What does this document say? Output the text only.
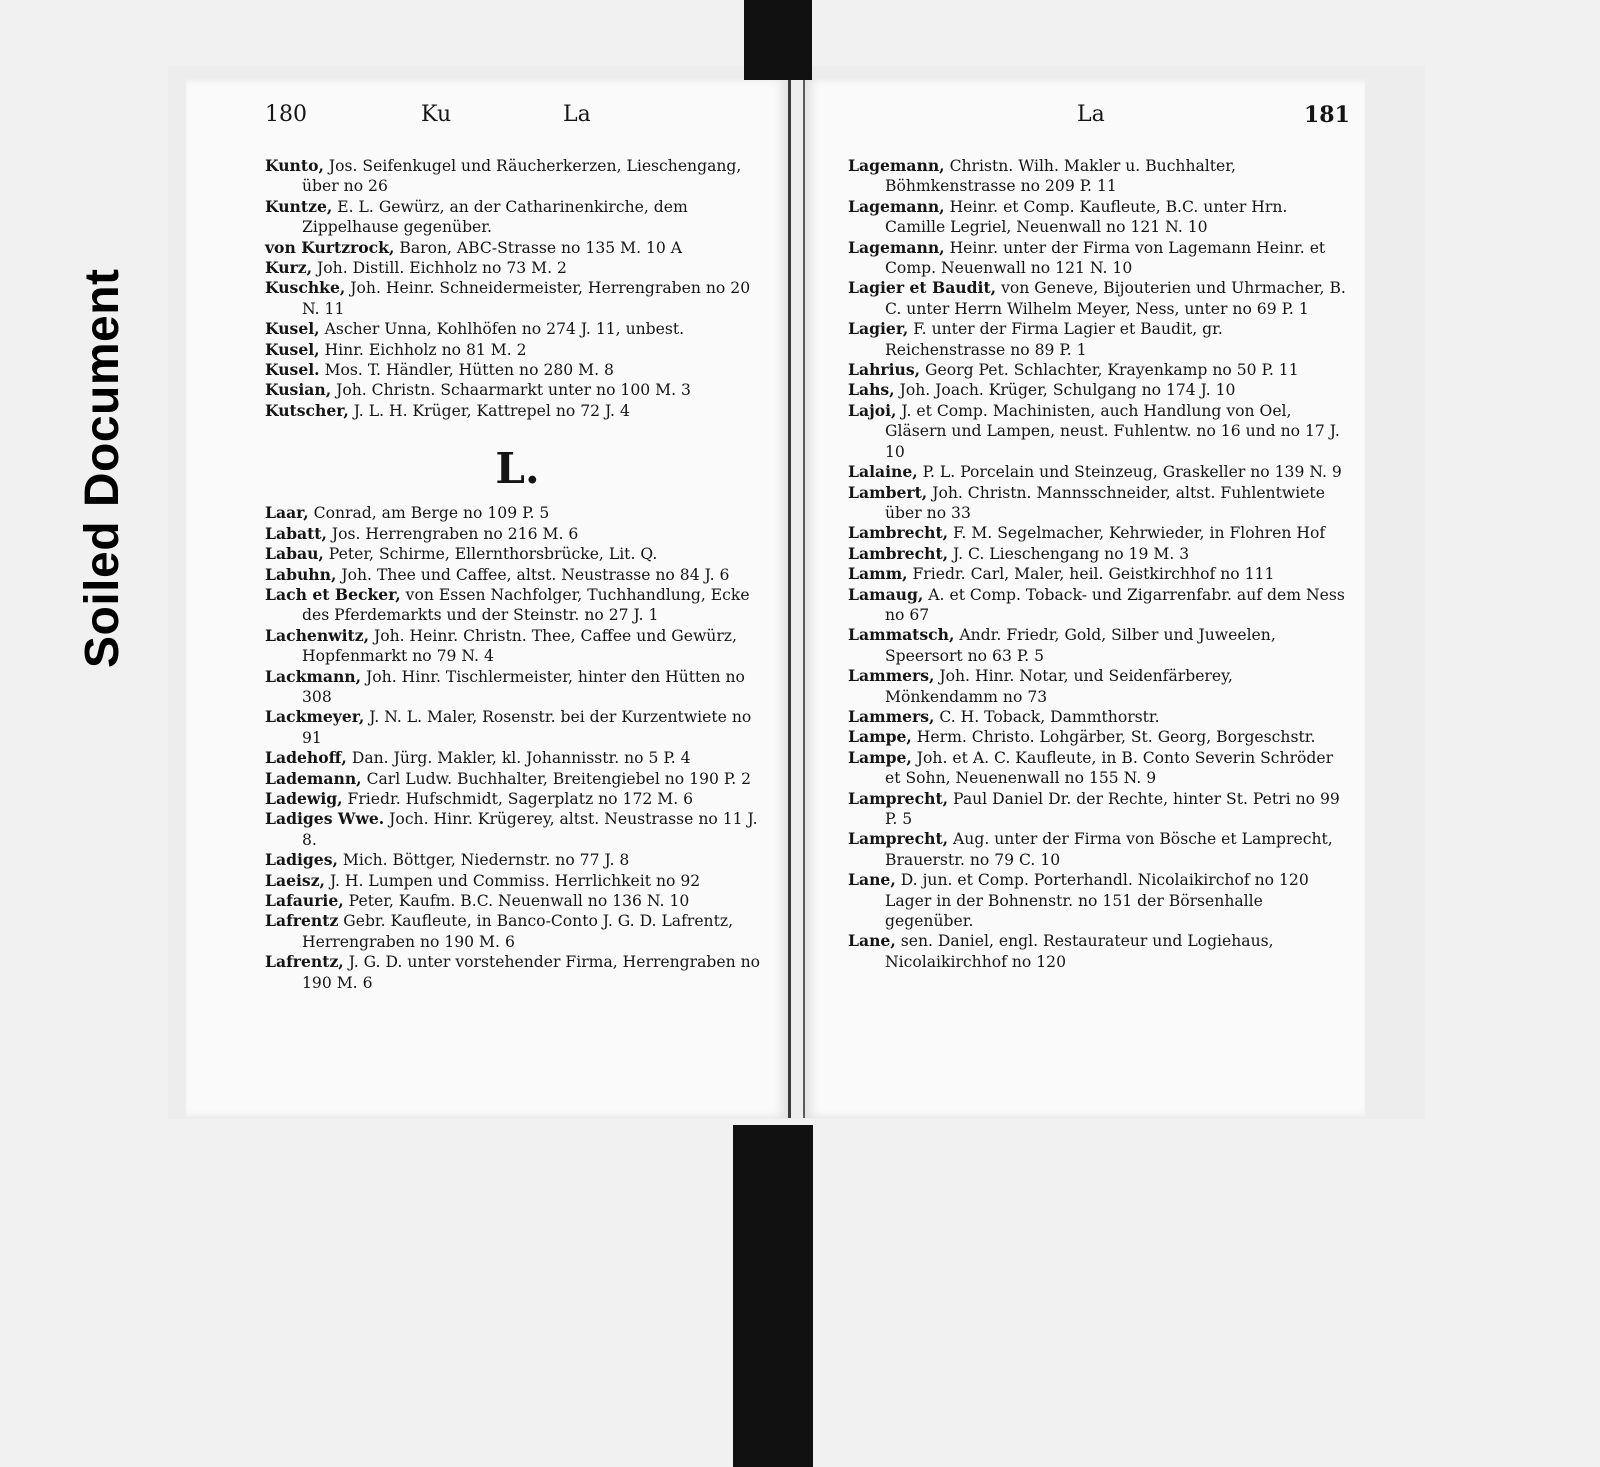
180	Ku	La
Kunto, Jos. Seifenkugel und Räucherkerzen, Lieschengang, über no 26
Kuntze, E. L. Gewürz, an der Catharinenkirche, dem Zippelhause gegenüber.
von Kurtzrock, Baron, ABC-Strasse no 135 M. 10 A
Kurz, Joh. Distill. Eichholz no 73 M. 2
Kuschke, Joh. Heinr. Schneidermeister, Herrengraben no 20 N. 11
Kusel, Ascher Unna, Kohlhöfen no 274 J. 11, unbest.
Kusel, Hinr. Eichholz no 81 M. 2
Kusel. Mos. T. Händler, Hütten no 280 M. 8
Kusian, Joh. Christn. Schaarmarkt unter no 100 M. 3
Kutscher, J. L. H. Krüger, Kattrepel no 72 J. 4
L.
Laar, Conrad, am Berge no 109 P. 5
Labatt, Jos. Herrengraben no 216 M. 6
Labau, Peter, Schirme, Ellernthorsbrücke, Lit. Q.
Labuhn, Joh. Thee und Caffee, altst. Neustrasse no 84 J. 6
Lach et Becker, von Essen Nachfolger, Tuchhandlung, Ecke des Pferdemarkts und der Steinstr. no 27 J. 1
Lachenwitz, Joh. Heinr. Christn. Thee, Caffee und Gewürz, Hopfenmarkt no 79 N. 4
Lackmann, Joh. Hinr. Tischlermeister, hinter den Hütten no 308
Lackmeyer, J. N. L. Maler, Rosenstr. bei der Kurzentwiete no 91
Ladehoff, Dan. Jürg. Makler, kl. Johannisstr. no 5 P. 4
Lademann, Carl Ludw. Buchhalter, Breitengiebel no 190 P. 2
Ladewig, Friedr. Hufschmidt, Sagerplatz no 172 M. 6
Ladiges Wwe. Joch. Hinr. Krügerey, altst. Neustrasse no 11 J. 8.
Ladiges, Mich. Böttger, Niedernstr. no 77 J. 8
Laeisz, J. H. Lumpen und Commiss. Herrlichkeit no 92
Lafaurie, Peter, Kaufm. B.C. Neuenwall no 136 N. 10
Lafrentz Gebr. Kaufleute, in Banco-Conto J. G. D. Lafrentz, Herrengraben no 190 M. 6
Lafrentz, J. G. D. unter vorstehender Firma, Herrengraben no 190 M. 6
La	181
Lagemann, Christn. Wilh. Makler u. Buchhalter, Böhmkenstrasse no 209 P. 11
Lagemann, Heinr. et Comp. Kaufleute, B.C. unter Hrn. Camille Legriel, Neuenwall no 121 N. 10
Lagemann, Heinr. unter der Firma von Lagemann Heinr. et Comp. Neuenwall no 121 N. 10
Lagier et Baudit, von Geneve, Bijouterien und Uhrmacher, B. C. unter Herrn Wilhelm Meyer, Ness, unter no 69 P. 1
Lagier, F. unter der Firma Lagier et Baudit, gr. Reichenstrasse no 89 P. 1
Lahrius, Georg Pet. Schlachter, Krayenkamp no 50 P. 11
Lahs, Joh. Joach. Krüger, Schulgang no 174 J. 10
Lajoi, J. et Comp. Machinisten, auch Handlung von Oel, Gläsern und Lampen, neust. Fuhlentw. no 16 und no 17 J. 10
Lalaine, P. L. Porcelain und Steinzeug, Graskeller no 139 N. 9
Lambert, Joh. Christn. Mannsschneider, altst. Fuhlentwiete über no 33
Lambrecht, F. M. Segelmacher, Kehrwieder, in Flohren Hof
Lambrecht, J. C. Lieschengang no 19 M. 3
Lamm, Friedr. Carl, Maler, heil. Geistkirchhof no 111
Lamaug, A. et Comp. Toback- und Zigarrenfabr. auf dem Ness no 67
Lammatsch, Andr. Friedr, Gold, Silber und Juweelen, Speersort no 63 P. 5
Lammers, Joh. Hinr. Notar, und Seidenfärberey, Mönkendamm no 73
Lammers, C. H. Toback, Dammthorstr.
Lampe, Herm. Christo. Lohgärber, St. Georg, Borgeschstr.
Lampe, Joh. et A. C. Kaufleute, in B. Conto Severin Schröder et Sohn, Neuenenwall no 155 N. 9
Lamprecht, Paul Daniel Dr. der Rechte, hinter St. Petri no 99 P. 5
Lamprecht, Aug. unter der Firma von Bösche et Lamprecht, Brauerstr. no 79 C. 10
Lane, D. jun. et Comp. Porterhandl. Nicolaikirchof no 120 Lager in der Bohnenstr. no 151 der Börsenhalle gegenüber.
Lane, sen. Daniel, engl. Restaurateur und Logiehaus, Nicolaikirchhof no 120
Soiled Document
